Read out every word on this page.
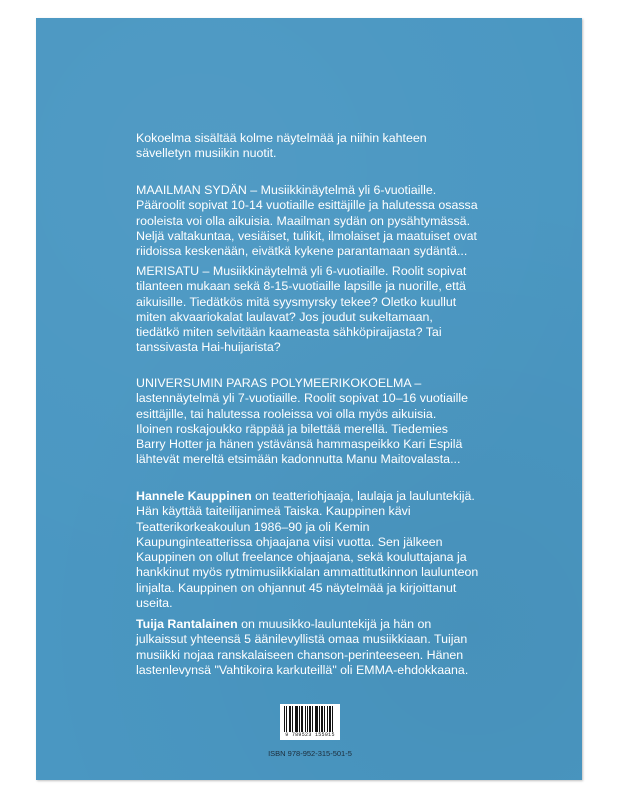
Kokoelma sisältää kolme näytelmää ja niihin kahteen

sävelletyn musiikin nuotit.

MAAILMAN SYDÄN – Musiikkinäytelmä yli 6-vuotiaille.

Pääroolit sopivat 10-14 vuotiaille esittäjille ja halutessa osassa

rooleista voi olla aikuisia. Maailman sydän on pysähtymässä.

Neljä valtakuntaa, vesiäiset, tulikit, ilmolaiset ja maatuiset ovat

riidoissa keskenään, eivätkä kykene parantamaan sydäntä...

MERISATU – Musiikkinäytelmä yli 6-vuotiaille. Roolit sopivat

tilanteen mukaan sekä 8-15-vuotiaille lapsille ja nuorille, että

aikuisille. Tiedätkös mitä syysmyrsky tekee? Oletko kuullut

miten akvaariokalat laulavat? Jos joudut sukeltamaan,

tiedätkö miten selvitään kaameasta sähköpiraijasta? Tai

tanssivasta Hai-huijarista?

UNIVERSUMIN PARAS POLYMEERIKOKOELMA –

lastennäytelmä yli 7-vuotiaille. Roolit sopivat 10–16 vuotiaille

esittäjille, tai halutessa rooleissa voi olla myös aikuisia.

Iloinen roskajoukko räppää ja bilettää merellä. Tiedemies

Barry Hotter ja hänen ystävänsä hammaspeikko Kari Espilä

lähtevät mereltä etsimään kadonnutta Manu Maitovalasta...

Hannele Kauppinen on teatteriohjaaja, laulaja ja lauluntekijä.

Hän käyttää taiteilijanimeä Taiska. Kauppinen kävi

Teatterikorkeakoulun 1986–90 ja oli Kemin

Kaupunginteatterissa ohjaajana viisi vuotta. Sen jälkeen

Kauppinen on ollut freelance ohjaajana, sekä kouluttajana ja

hankkinut myös rytmimusiikkialan ammattitutkinnon laulunteon

linjalta. Kauppinen on ohjannut 45 näytelmää ja kirjoittanut

useita.

Tuija Rantalainen on muusikko-lauluntekijä ja hän on

julkaissut yhteensä 5 äänilevyllistä omaa musiikkiaan. Tuijan

musiikki nojaa ranskalaiseen chanson-perinteeseen. Hänen

lastenlevynsä "Vahtikoira karkuteillä" oli EMMA-ehdokkaana.

9 789523 155015
ISBN 978-952-315-501-5
